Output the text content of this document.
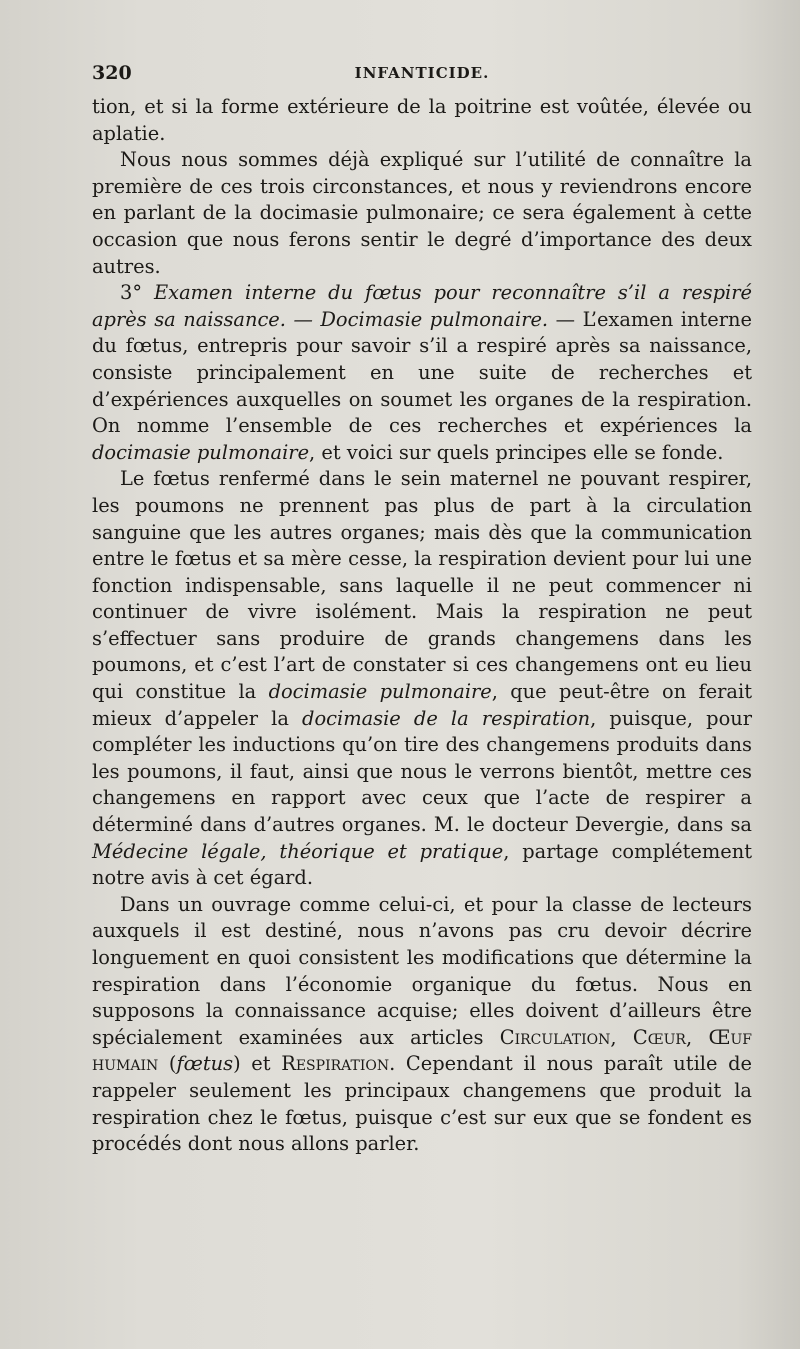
320	INFANTICIDE.

tion, et si la forme extérieure de la poitrine est voûtée, élevée ou aplatie.

Nous nous sommes déjà expliqué sur l’utilité de connaître la première de ces trois circonstances, et nous y reviendrons encore en parlant de la docimasie pulmonaire; ce sera également à cette occasion que nous ferons sentir le degré d’importance des deux autres.

3° Examen interne du fœtus pour reconnaître s’il a respiré après sa naissance. — Docimasie pulmonaire. — L’examen interne du fœtus, entrepris pour savoir s’il a respiré après sa naissance, consiste principalement en une suite de recherches et d’expériences auxquelles on soumet les organes de la respiration. On nomme l’ensemble de ces recherches et expériences la docimasie pulmonaire, et voici sur quels principes elle se fonde.

Le fœtus renfermé dans le sein maternel ne pouvant respirer, les poumons ne prennent pas plus de part à la circulation sanguine que les autres organes; mais dès que la communication entre le fœtus et sa mère cesse, la respiration devient pour lui une fonction indispensable, sans laquelle il ne peut commencer ni continuer de vivre isolément. Mais la respiration ne peut s’effectuer sans produire de grands changemens dans les poumons, et c’est l’art de constater si ces changemens ont eu lieu qui constitue la docimasie pulmonaire, que peut-être on ferait mieux d’appeler la docimasie de la respiration, puisque, pour compléter les inductions qu’on tire des changemens produits dans les poumons, il faut, ainsi que nous le verrons bientôt, mettre ces changemens en rapport avec ceux que l’acte de respirer a déterminé dans d’autres organes. M. le docteur Devergie, dans sa Médecine légale, théorique et pratique, partage complétement notre avis à cet égard.

Dans un ouvrage comme celui-ci, et pour la classe de lecteurs auxquels il est destiné, nous n’avons pas cru devoir décrire longuement en quoi consistent les modifications que détermine la respiration dans l’économie organique du fœtus. Nous en supposons la connaissance acquise; elles doivent d’ailleurs être spécialement examinées aux articles Circulation, Cœur, Œuf humain (fœtus) et Respiration. Cependant il nous paraît utile de rappeler seulement les principaux changemens que produit la respiration chez le fœtus, puisque c’est sur eux que se fondent es procédés dont nous allons parler.
